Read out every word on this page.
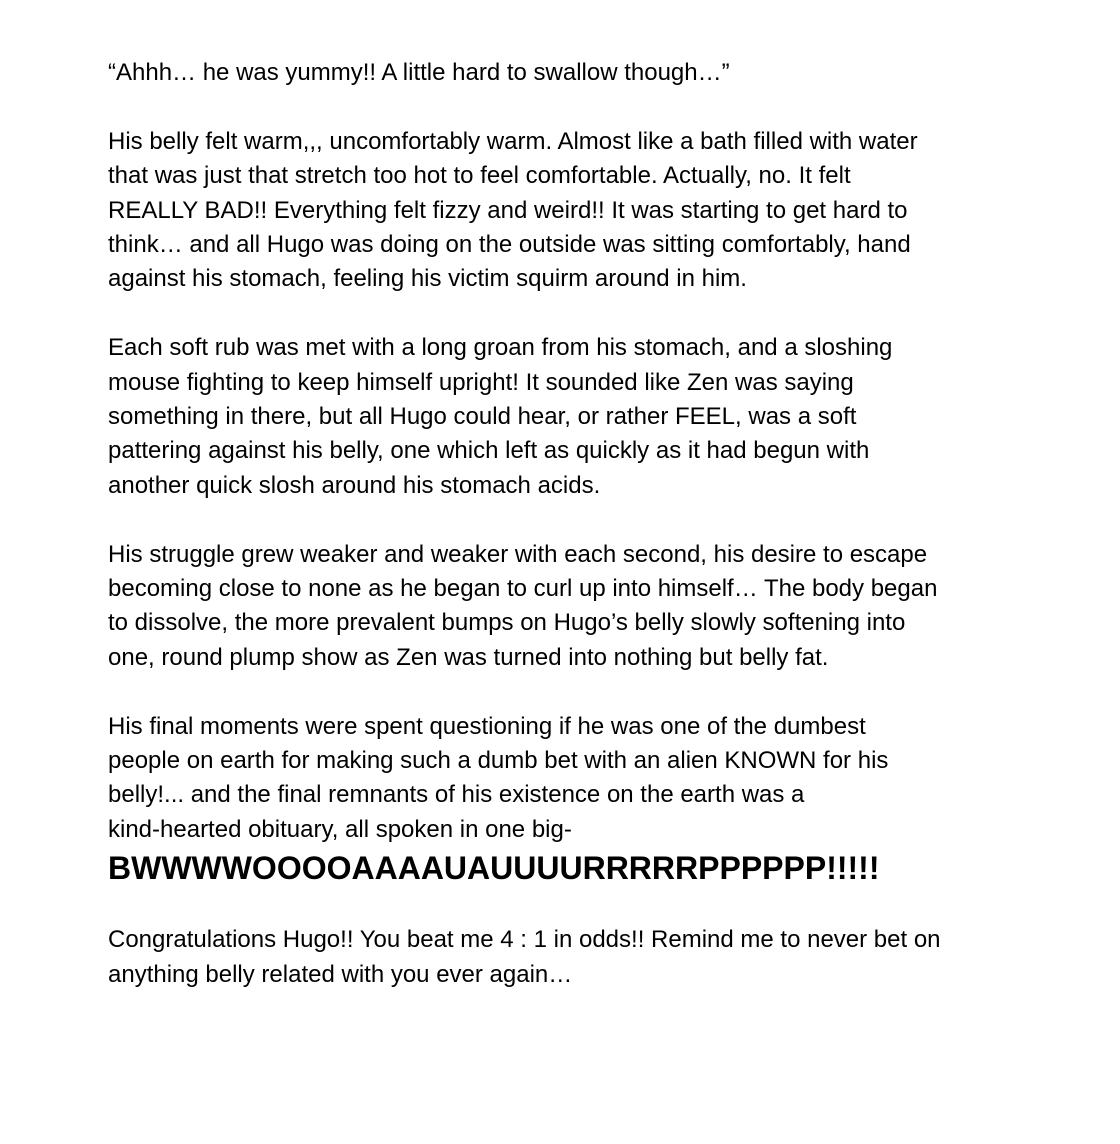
“Ahhh… he was yummy!! A little hard to swallow though…”

His belly felt warm,,, uncomfortably warm. Almost like a bath filled with water
that was just that stretch too hot to feel comfortable. Actually, no. It felt
REALLY BAD!! Everything felt fizzy and weird!! It was starting to get hard to
think… and all Hugo was doing on the outside was sitting comfortably, hand
against his stomach, feeling his victim squirm around in him.

Each soft rub was met with a long groan from his stomach, and a sloshing
mouse fighting to keep himself upright! It sounded like Zen was saying
something in there, but all Hugo could hear, or rather FEEL, was a soft
pattering against his belly, one which left as quickly as it had begun with
another quick slosh around his stomach acids.

His struggle grew weaker and weaker with each second, his desire to escape
becoming close to none as he began to curl up into himself… The body began
to dissolve, the more prevalent bumps on Hugo’s belly slowly softening into
one, round plump show as Zen was turned into nothing but belly fat.

His final moments were spent questioning if he was one of the dumbest
people on earth for making such a dumb bet with an alien KNOWN for his
belly!... and the final remnants of his existence on the earth was a
kind-hearted obituary, all spoken in one big-

BWWWWOOOOAAAAUAUUUURRRRRPPPPPP!!!!!

Congratulations Hugo!! You beat me 4 : 1 in odds!! Remind me to never bet on
anything belly related with you ever again…
